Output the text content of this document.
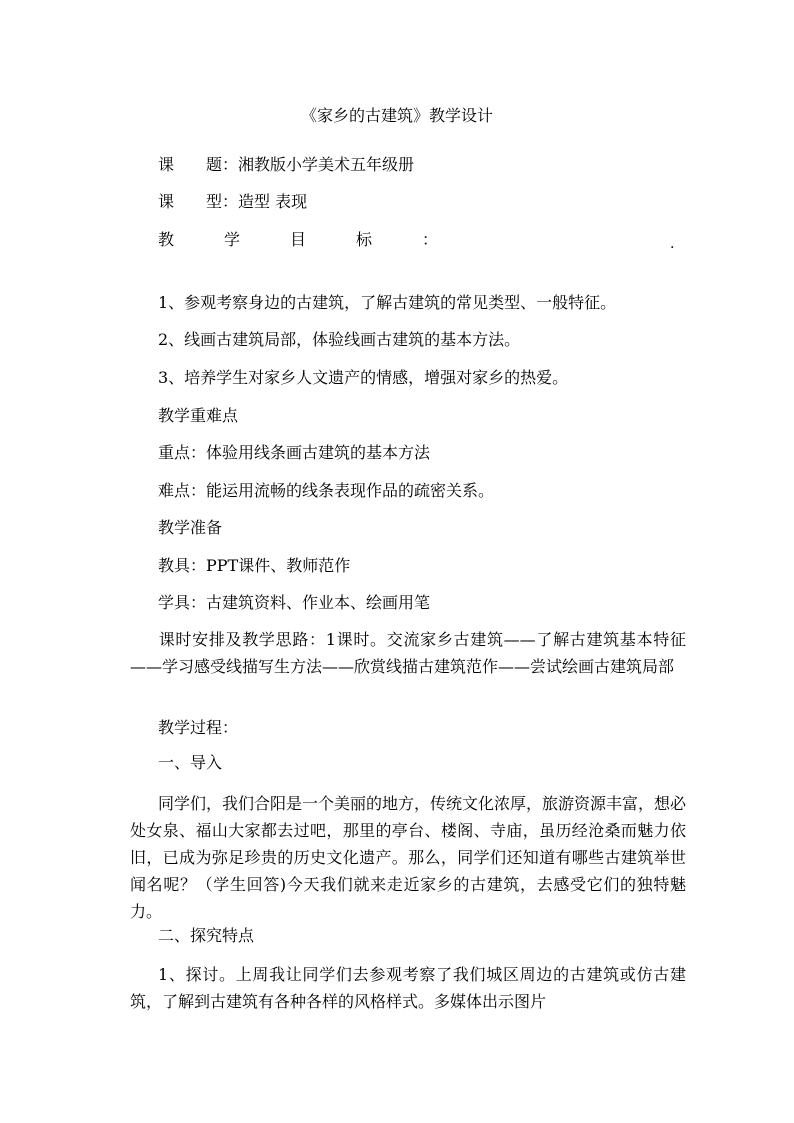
《家乡的古建筑》教学设计
课　　题：湘教版小学美术五年级册
课　　型：造型 表现
教	学	目	标	：	.
1、参观考察身边的古建筑，了解古建筑的常见类型、一般特征。
2、线画古建筑局部，体验线画古建筑的基本方法。
3、培养学生对家乡人文遗产的情感，增强对家乡的热爱。
教学重难点
重点：体验用线条画古建筑的基本方法
难点：能运用流畅的线条表现作品的疏密关系。
教学准备
教具：PPT课件、教师范作
学具：古建筑资料、作业本、绘画用笔
课时安排及教学思路：1课时。交流家乡古建筑——了解古建筑基本特征——学习感受线描写生方法——欣赏线描古建筑范作——尝试绘画古建筑局部
教学过程：
一、导入
同学们，我们合阳是一个美丽的地方，传统文化浓厚，旅游资源丰富，想必处女泉、福山大家都去过吧，那里的亭台、楼阁、寺庙，虽历经沧桑而魅力依旧，已成为弥足珍贵的历史文化遗产。那么，同学们还知道有哪些古建筑举世闻名呢？（学生回答)今天我们就来走近家乡的古建筑，去感受它们的独特魅力。
二、探究特点
1、探讨。上周我让同学们去参观考察了我们城区周边的古建筑或仿古建筑，了解到古建筑有各种各样的风格样式。多媒体出示图片
